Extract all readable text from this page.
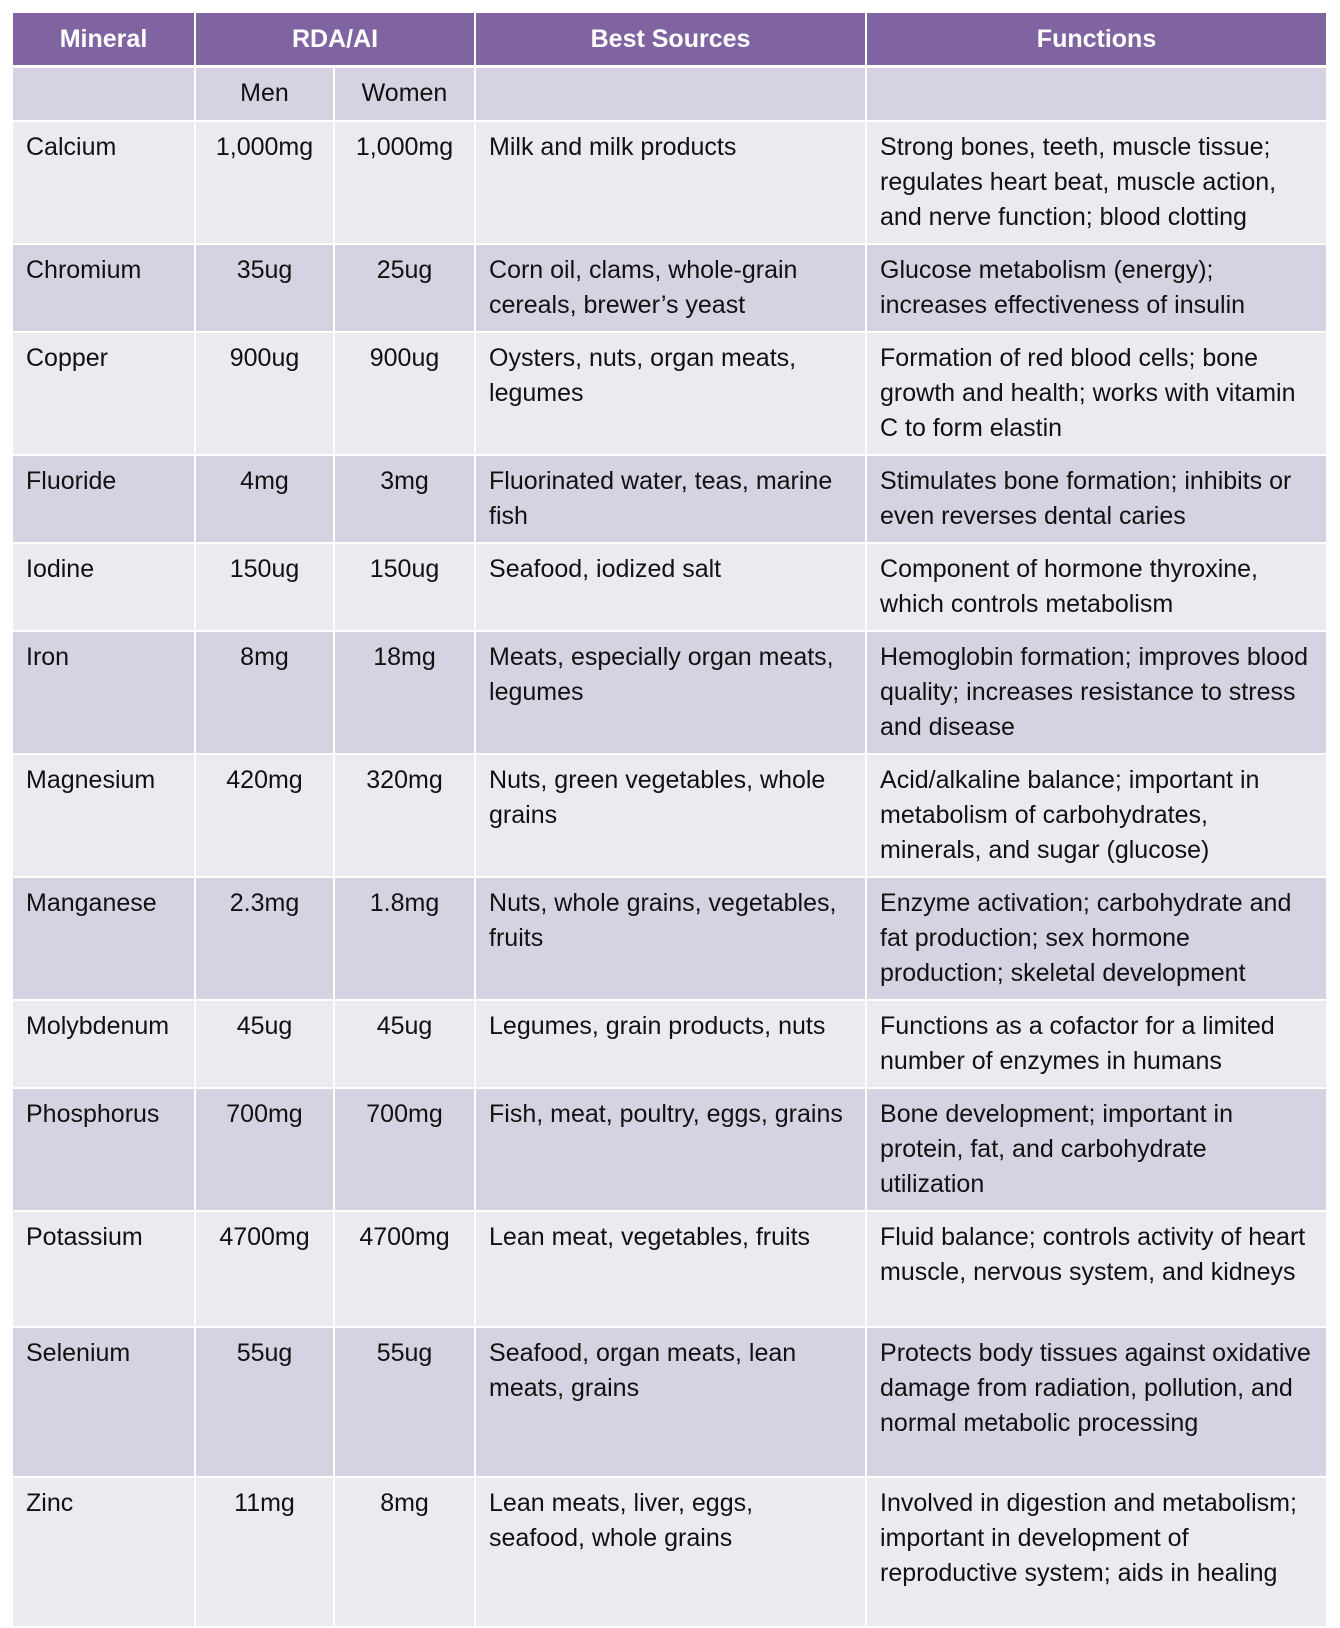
Mineral	RDA/AI		Best Sources	Functions
	Men	Women		
Calcium	1,000mg	1,000mg	Milk and milk products	Strong bones, teeth, muscle tissue; regulates heart beat, muscle action, and nerve function; blood clotting
Chromium	35ug	25ug	Corn oil, clams, whole-grain cereals, brewer’s yeast	Glucose metabolism (energy); increases effectiveness of insulin
Copper	900ug	900ug	Oysters, nuts, organ meats, legumes	Formation of red blood cells; bone growth and health; works with vitamin C to form elastin
Fluoride	4mg	3mg	Fluorinated water, teas, marine fish	Stimulates bone formation; inhibits or even reverses dental caries
Iodine	150ug	150ug	Seafood, iodized salt	Component of hormone thyroxine, which controls metabolism
Iron	8mg	18mg	Meats, especially organ meats, legumes	Hemoglobin formation; improves blood quality; increases resistance to stress and disease
Magnesium	420mg	320mg	Nuts, green vegetables, whole grains	Acid/alkaline balance; important in metabolism of carbohydrates, minerals, and sugar (glucose)
Manganese	2.3mg	1.8mg	Nuts, whole grains, vegetables, fruits	Enzyme activation; carbohydrate and fat production; sex hormone production; skeletal development
Molybdenum	45ug	45ug	Legumes, grain products, nuts	Functions as a cofactor for a limited number of enzymes in humans
Phosphorus	700mg	700mg	Fish, meat, poultry, eggs, grains	Bone development; important in protein, fat, and carbohydrate utilization
Potassium	4700mg	4700mg	Lean meat, vegetables, fruits	Fluid balance; controls activity of heart muscle, nervous system, and kidneys
Selenium	55ug	55ug	Seafood, organ meats, lean meats, grains	Protects body tissues against oxidative damage from radiation, pollution, and normal metabolic processing
Zinc	11mg	8mg	Lean meats, liver, eggs, seafood, whole grains	Involved in digestion and metabolism; important in development of reproductive system; aids in healing
